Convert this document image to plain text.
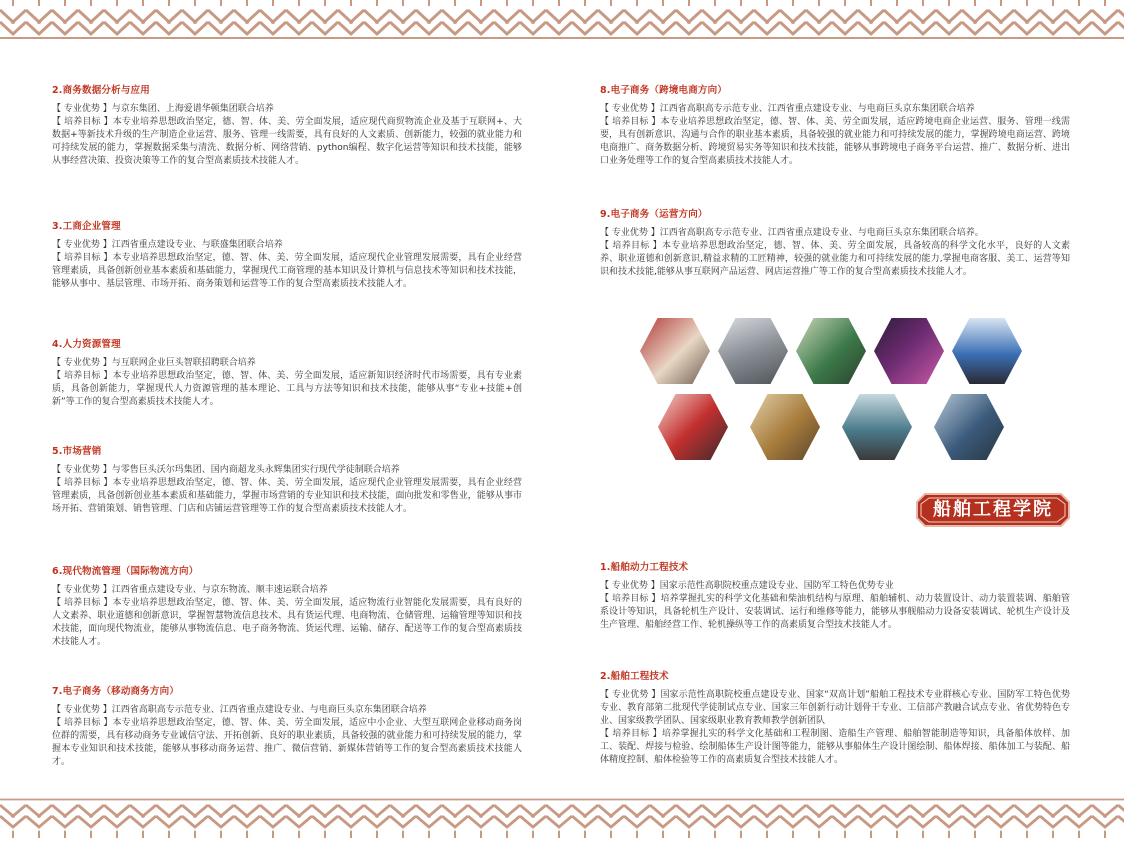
2.商务数据分析与应用

【 专业优势 】与京东集团、上海爱谱华顿集团联合培养

【 培养目标 】本专业培养思想政治坚定，德、智、体、美、劳全面发展，适应现代商贸物流企业及基于互联网+、大数据+等新技术升级的生产制造企业运营、服务、管理一线需要，具有良好的人文素质、创新能力，较强的就业能力和可持续发展的能力，掌握数据采集与清洗、数据分析、网络营销、python编程、数字化运营等知识和技术技能，能够从事经营决策、投资决策等工作的复合型高素质技术技能人才。

3.工商企业管理

【 专业优势 】江西省重点建设专业、与联盛集团联合培养

【 培养目标 】本专业培养思想政治坚定，德、智、体、美、劳全面发展，适应现代企业管理发展需要，具有企业经营管理素质，具备创新创业基本素质和基础能力，掌握现代工商管理的基本知识及计算机与信息技术等知识和技术技能，能够从事中、基层管理、市场开拓、商务策划和运营等工作的复合型高素质技术技能人才。

4.人力资源管理

【 专业优势 】与互联网企业巨头智联招聘联合培养

【 培养目标 】本专业培养思想政治坚定，德、智、体、美、劳全面发展，适应新知识经济时代市场需要，具有专业素质，具备创新能力，掌握现代人力资源管理的基本理论、工具与方法等知识和技术技能，能够从事“专业+技能+创新”等工作的复合型高素质技术技能人才。

5.市场营销

【 专业优势 】与零售巨头沃尔玛集团、国内商超龙头永辉集团实行现代学徒制联合培养

【 培养目标 】本专业培养思想政治坚定，德、智、体、美、劳全面发展，适应现代企业管理发展需要，具有企业经营管理素质，具备创新创业基本素质和基础能力，掌握市场营销的专业知识和技术技能，面向批发和零售业，能够从事市场开拓、营销策划、销售管理、门店和店铺运营管理等工作的复合型高素质技术技能人才。

6.现代物流管理（国际物流方向）

【 专业优势 】江西省重点建设专业、与京东物流、顺丰速运联合培养

【 培养目标 】本专业培养思想政治坚定，德、智、体、美、劳全面发展，适应物流行业智能化发展需要，具有良好的人文素养、职业道德和创新意识，掌握智慧物流信息技术、具有货运代理、电商物流、仓储管理、运输管理等知识和技术技能，面向现代物流业，能够从事物流信息、电子商务物流、货运代理、运输、储存、配送等工作的复合型高素质技术技能人才。

7.电子商务（移动商务方向）

【 专业优势 】江西省高职高专示范专业、江西省重点建设专业、与电商巨头京东集团联合培养

【 培养目标 】本专业培养思想政治坚定，德、智、体、美、劳全面发展，适应中小企业、大型互联网企业移动商务岗位群的需要，具有移动商务专业诚信守法、开拓创新、良好的职业素质，具备较强的就业能力和可持续发展的能力，掌握本专业知识和技术技能，能够从事移动商务运营、推广、微信营销、新媒体营销等工作的复合型高素质技术技能人才。

8.电子商务（跨境电商方向）

【 专业优势 】江西省高职高专示范专业、江西省重点建设专业、与电商巨头京东集团联合培养

【 培养目标 】本专业培养思想政治坚定，德、智、体、美、劳全面发展，适应跨境电商企业运营、服务、管理一线需要，具有创新意识、沟通与合作的职业基本素质，具备较强的就业能力和可持续发展的能力，掌握跨境电商运营、跨境电商推广、商务数据分析、跨境贸易实务等知识和技术技能，能够从事跨境电子商务平台运营、推广、数据分析、进出口业务处理等工作的复合型高素质技术技能人才。

9.电子商务（运营方向）

【 专业优势 】江西省高职高专示范专业、江西省重点建设专业、与电商巨头京东集团联合培养。

【 培养目标 】本专业培养思想政治坚定，德、智、体、美、劳全面发展，具备较高的科学文化水平，良好的人文素养、职业道德和创新意识,精益求精的工匠精神，较强的就业能力和可持续发展的能力,掌握电商客服、美工、运营等知识和技术技能,能够从事互联网产品运营、网店运营推广等工作的复合型高素质技术技能人才。

船舶工程学院
1.船舶动力工程技术

【 专业优势 】国家示范性高职院校重点建设专业、国防军工特色优势专业

【 培养目标 】培养掌握扎实的科学文化基础和柴油机结构与原理、船舶辅机、动力装置设计、动力装置装调、船舶管系设计等知识，具备轮机生产设计、安装调试、运行和维修等能力，能够从事舰船动力设备安装调试、轮机生产设计及生产管理、船舶经营工作、轮机操纵等工作的高素质复合型技术技能人才。

2.船舶工程技术

【 专业优势 】国家示范性高职院校重点建设专业、国家“双高计划”船舶工程技术专业群核心专业、国防军工特色优势专业、教育部第二批现代学徒制试点专业、国家三年创新行动计划骨干专业、工信部产教融合试点专业、省优势特色专业、国家级教学团队、国家级职业教育教师教学创新团队

【 培养目标 】培养掌握扎实的科学文化基础和工程制图、造船生产管理、船舶智能制造等知识，具备船体放样、加工、装配、焊接与检验、绘制船体生产设计图等能力，能够从事船体生产设计图绘制、船体焊接、船体加工与装配、船体精度控制、船体检验等工作的高素质复合型技术技能人才。
